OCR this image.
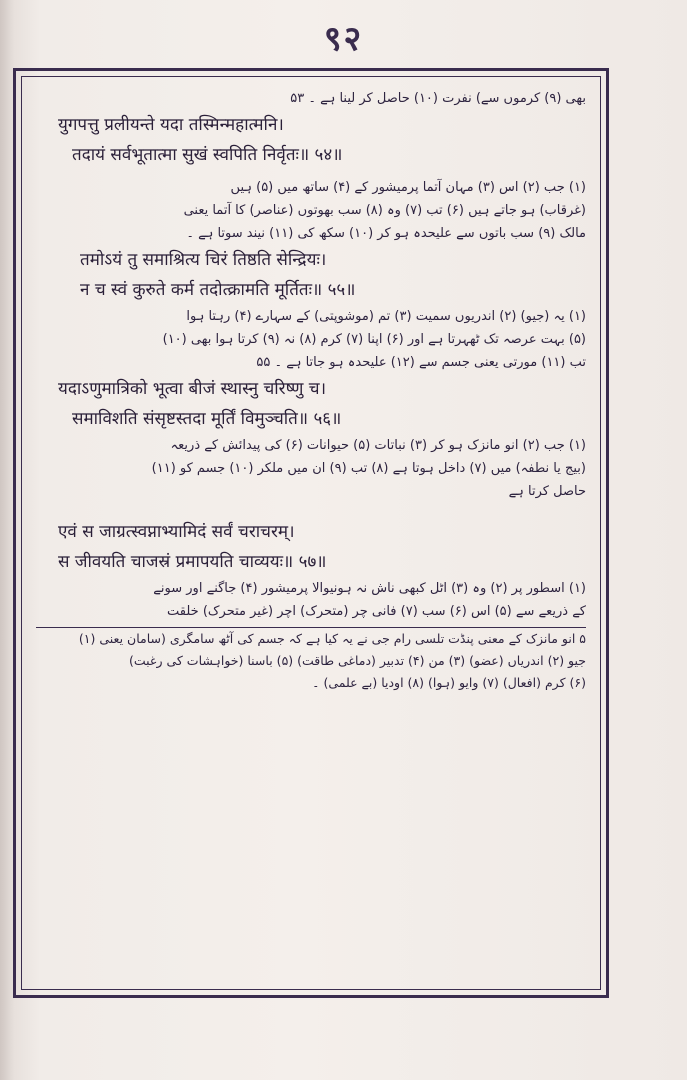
९२

بھی (۹) کرموں سے) نفرت (۱۰) حاصل کر لینا ہے ۔ ۵۳

युगपत्तु प्रलीयन्ते यदा तस्मिन्महात्मनि।

तदायं सर्वभूतात्मा सुखं स्वपिति निर्वृतः॥ ५४॥

(۱) جب (۲) اس (۳) مہان آتما پرمیشور کے (۴) ساتھ میں (۵) ہیں

(غرقاب) ہو جاتے ہیں (۶) تب (۷) وہ (۸) سب بھوتوں (عناصر) کا آتما یعنی

مالک (۹) سب باتوں سے علیحدہ ہو کر (۱۰) سکھ کی (۱۱) نیند سوتا ہے ۔

तमोऽयं तु समाश्रित्य चिरं तिष्ठति सेन्द्रियः।

न च स्वं कुरुते कर्म तदोत्क्रामति मूर्तितः॥ ५५॥

(۱) یہ (جیو) (۲) اندریوں سمیت (۳) تم (موشوپتی) کے سہارے (۴) رہتا ہوا

(۵) بہت عرصہ تک ٹھہرتا ہے اور (۶) اپنا (۷) کرم (۸) نہ (۹) کرتا ہوا بھی (۱۰)

تب (۱۱) مورتی یعنی جسم سے (۱۲) علیحدہ ہو جاتا ہے ۔ ۵۵

यदाऽणुमात्रिको भूत्वा बीजं स्थास्नु चरिष्णु च।

समाविशति संसृष्टस्तदा मूर्तिं विमुञ्चति॥ ५६॥

(۱) جب (۲) انو مانزک ہو کر (۳) نباتات (۵) حیوانات (۶) کی پیدائش کے ذریعہ

(بیج یا نطفہ) میں (۷) داخل ہوتا ہے (۸) تب (۹) ان میں ملکر (۱۰) جسم کو (۱۱)

حاصل کرتا ہے

एवं स जाग्रत्स्वप्नाभ्यामिदं सर्वं चराचरम्।

स जीवयति चाजस्रं प्रमापयति चाव्ययः॥ ५७॥

(۱) اسطور پر (۲) وہ (۳) اٹل کبھی ناش نہ ہونیوالا پرمیشور (۴) جاگنے اور سونے

کے ذریعے سے (۵) اس (۶) سب (۷) فانی چر (متحرک) اچر (غیر متحرک) خلقت

۵ انو مانزک کے معنی پنڈت تلسی رام جی نے یہ کیا ہے کہ جسم کی آٹھ سامگری (سامان یعنی (۱)

جیو (۲) اندریاں (عضو) (۳) من (۴) تدبیر (دماغی طاقت) (۵) باسنا (خواہشات کی رغبت)

(۶) کرم (افعال) (۷) وایو (ہوا) (۸) اودیا (بے علمی) ۔
